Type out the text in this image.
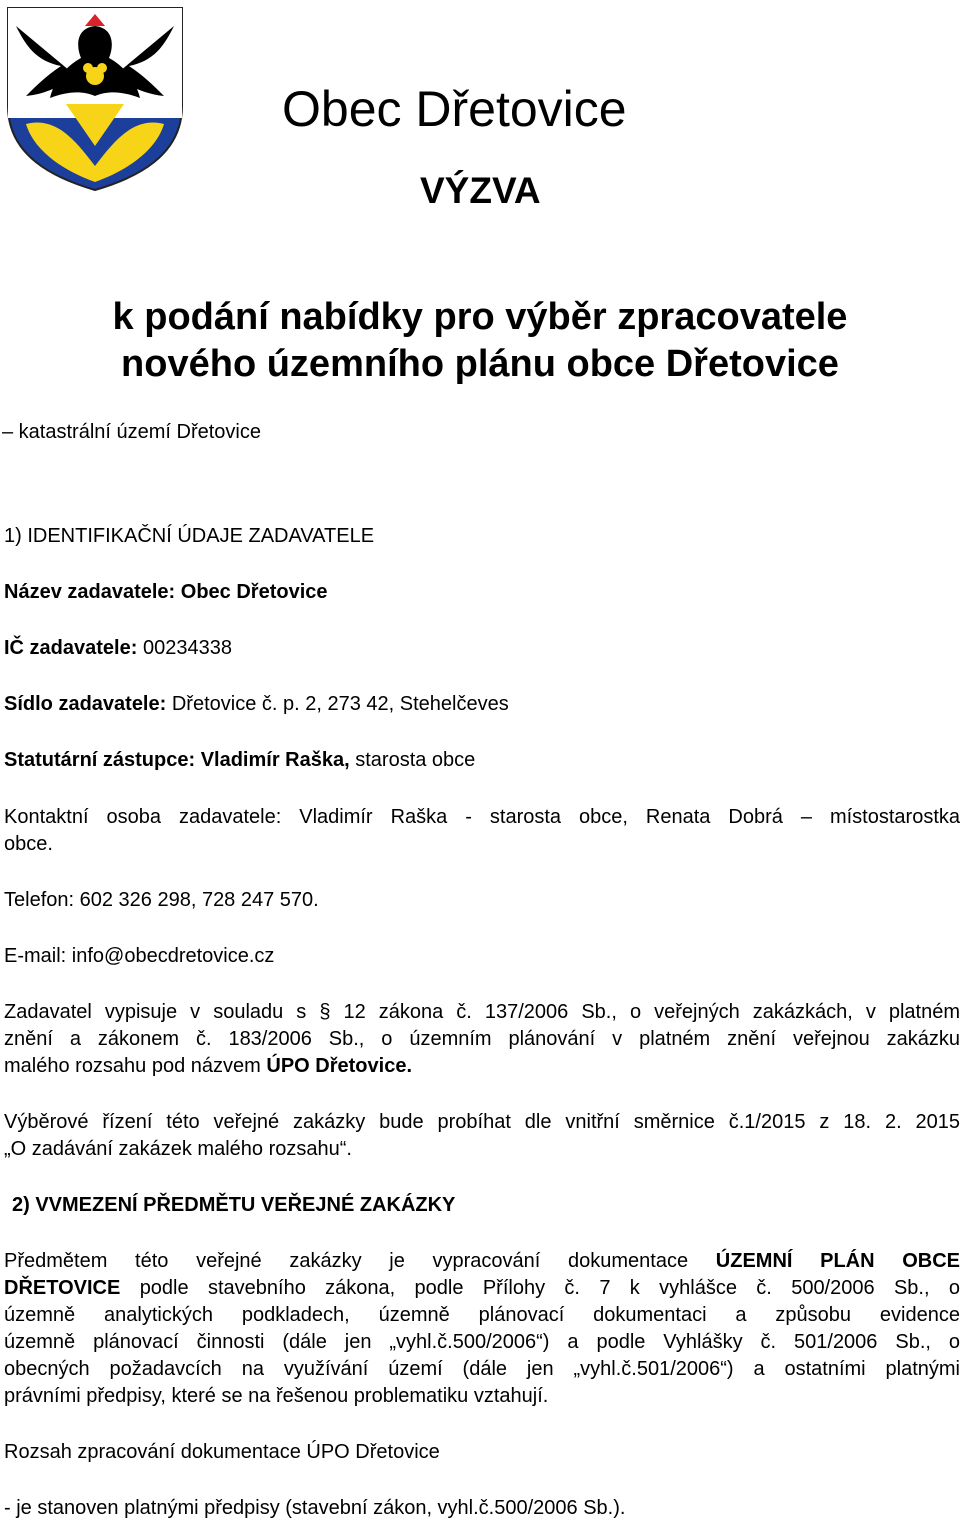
Obec Dřetovice
VÝZVA
k podání nabídky pro výběr zpracovatele
nového územního plánu obce Dřetovice
– katastrální území Dřetovice
1) IDENTIFIKAČNÍ ÚDAJE ZADAVATELE
Název zadavatele: Obec Dřetovice
IČ zadavatele: 00234338
Sídlo zadavatele: Dřetovice č. p. 2, 273 42, Stehelčeves
Statutární zástupce: Vladimír Raška, starosta obce
Kontaktní osoba zadavatele: Vladimír Raška - starosta obce, Renata Dobrá – místostarostka
obce.
Telefon: 602 326 298, 728 247 570.
E-mail: info@obecdretovice.cz
Zadavatel vypisuje v souladu s § 12 zákona č. 137/2006 Sb., o veřejných zakázkách, v platném
znění a zákonem č. 183/2006 Sb., o územním plánování v platném znění veřejnou zakázku
malého rozsahu pod názvem ÚPO Dřetovice.
Výběrové řízení této veřejné zakázky bude probíhat dle vnitřní směrnice č.1/2015 z 18. 2. 2015
„O zadávání zakázek malého rozsahu“.
2) VVMEZENÍ PŘEDMĚTU VEŘEJNÉ ZAKÁZKY
Předmětem této veřejné zakázky je vypracování dokumentace ÚZEMNÍ PLÁN OBCE
DŘETOVICE podle stavebního zákona, podle Přílohy č. 7 k vyhlášce č. 500/2006 Sb., o
územně analytických podkladech, územně plánovací dokumentaci a způsobu evidence
územně plánovací činnosti (dále jen „vyhl.č.500/2006“) a podle Vyhlášky č. 501/2006 Sb., o
obecných požadavcích na využívání území (dále jen „vyhl.č.501/2006“) a ostatními platnými
právními předpisy, které se na řešenou problematiku vztahují.
Rozsah zpracování dokumentace ÚPO Dřetovice
- je stanoven platnými předpisy (stavební zákon, vyhl.č.500/2006 Sb.).
